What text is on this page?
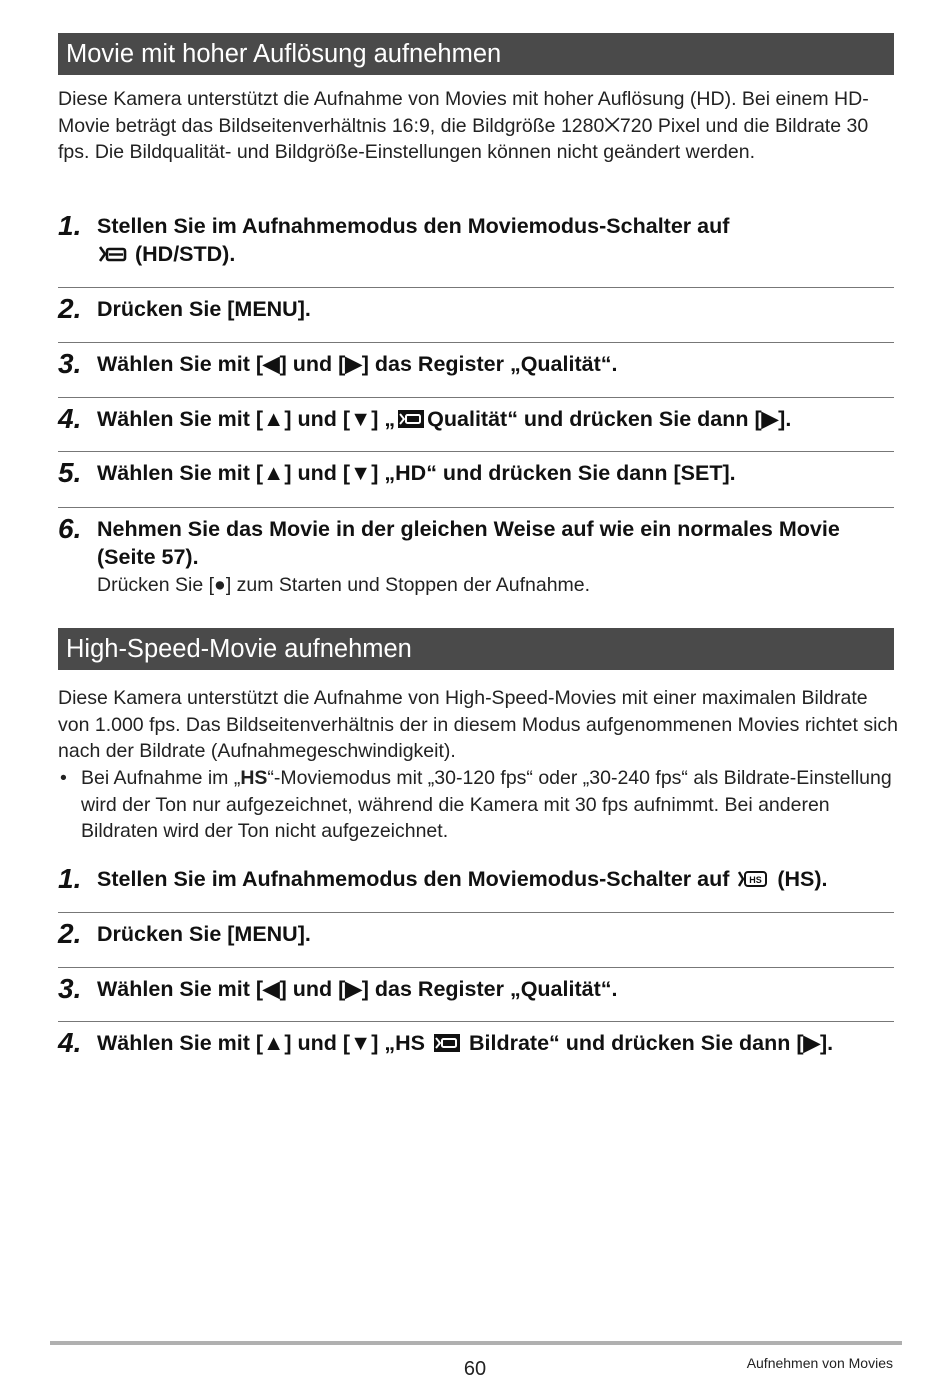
Movie mit hoher Auflösung aufnehmen

Diese Kamera unterstützt die Aufnahme von Movies mit hoher Auflösung (HD). Bei einem HD-Movie beträgt das Bildseitenverhältnis 16:9, die Bildgröße 1280⨉720 Pixel und die Bildrate 30 fps. Die Bildqualität- und Bildgröße-Einstellungen können nicht geändert werden.

1. Stellen Sie im Aufnahmemodus den Moviemodus-Schalter auf
(HD/STD).
2. Drücken Sie [MENU].
3. Wählen Sie mit [◀] und [▶] das Register „Qualität“.
4. Wählen Sie mit [▲] und [▼] „ Qualität“ und drücken Sie dann [▶].
5. Wählen Sie mit [▲] und [▼] „HD“ und drücken Sie dann [SET].
6. Nehmen Sie das Movie in der gleichen Weise auf wie ein normales Movie (Seite 57).
Drücken Sie [●] zum Starten und Stoppen der Aufnahme.
High-Speed-Movie aufnehmen

Diese Kamera unterstützt die Aufnahme von High-Speed-Movies mit einer maximalen Bildrate von 1.000 fps. Das Bildseitenverhältnis der in diesem Modus aufgenommenen Movies richtet sich nach der Bildrate (Aufnahmegeschwindigkeit).

• Bei Aufnahme im „HS“-Moviemodus mit „30-120 fps“ oder „30-240 fps“ als Bildrate-Einstellung wird der Ton nur aufgezeichnet, während die Kamera mit 30 fps aufnimmt. Bei anderen Bildraten wird der Ton nicht aufgezeichnet.
1. Stellen Sie im Aufnahmemodus den Moviemodus-Schalter auf HS (HS).
2. Drücken Sie [MENU].
3. Wählen Sie mit [◀] und [▶] das Register „Qualität“.
4. Wählen Sie mit [▲] und [▼] „HS Bildrate“ und drücken Sie dann [▶].
60	Aufnehmen von Movies
